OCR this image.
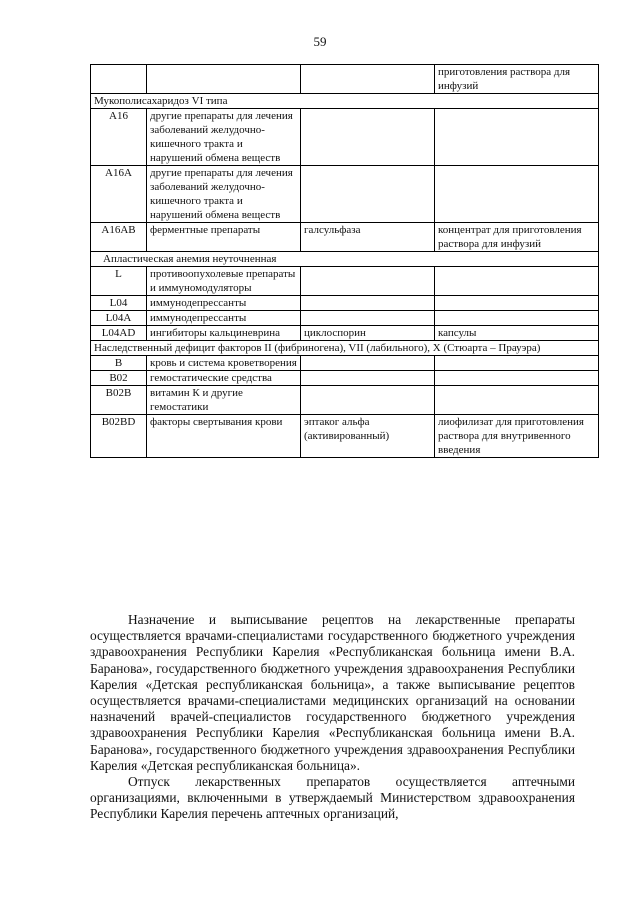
59
			приготовления раствора для инфузий
Мукополисахаридоз VI типа			
А16	другие препараты для лечения заболеваний желудочно-кишечного тракта и нарушений обмена веществ		
А16А	другие препараты для лечения заболеваний желудочно-кишечного тракта и нарушений обмена веществ		
А16АВ	ферментные препараты	галсульфаза	концентрат для приготовления раствора для инфузий
Апластическая анемия неуточненная			
L	противоопухолевые препараты и иммуномодуляторы		
L04	иммунодепрессанты		
L04A	иммунодепрессанты		
L04AD	ингибиторы кальциневрина	циклоспорин	капсулы
Наследственный дефицит факторов II (фибриногена), VII (лабильного), Х (Стюарта – Прауэра)			
В	кровь и система кроветворения		
В02	гемостатические средства		
В02В	витамин К и другие гемостатики		
В02BD	факторы свертывания крови	эптаког альфа (активированный)	лиофилизат для приготовления раствора для внутривенного введения

Назначение и выписывание рецептов на лекарственные препараты осуществляется врачами-специалистами государственного бюджетного учреждения здравоохранения Республики Карелия «Республиканская больница имени В.А. Баранова», государственного бюджетного учреждения здравоохранения Республики Карелия «Детская республиканская больница», а также выписывание рецептов осуществляется врачами-специалистами медицинских организаций на основании назначений врачей-специалистов государственного бюджетного учреждения здравоохранения Республики Карелия «Республиканская больница имени В.А. Баранова», государственного бюджетного учреждения здравоохранения Республики Карелия «Детская республиканская больница».

Отпуск лекарственных препаратов осуществляется аптечными организациями, включенными в утверждаемый Министерством здравоохранения Республики Карелия перечень аптечных организаций,
